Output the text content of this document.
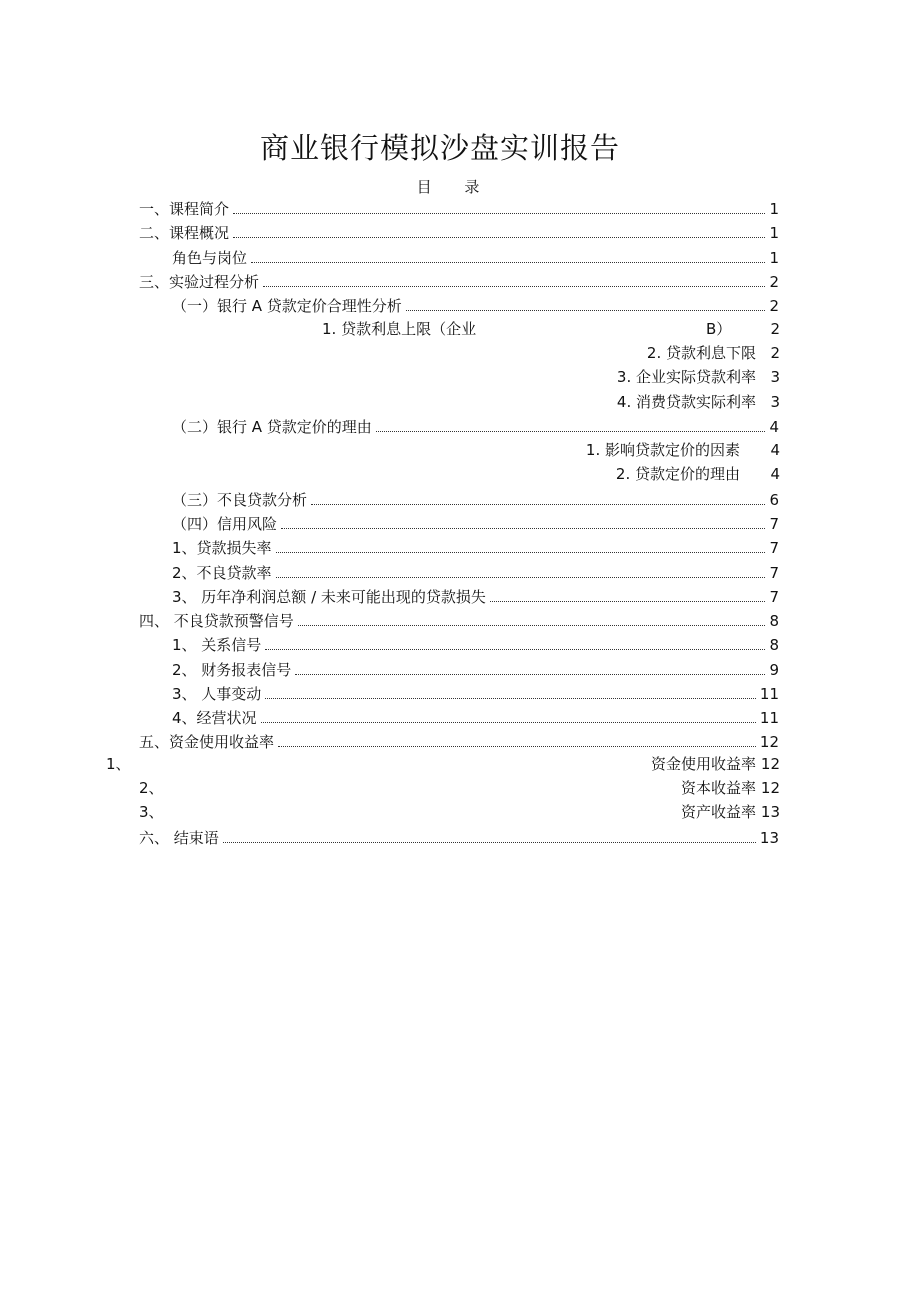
商业银行模拟沙盘实训报告
目 录
一、课程简介	1
二、课程概况	1
角色与岗位	1
三、实验过程分析	2
（一）银行 A 贷款定价合理性分析	2
1. 贷款利息上限（企业	B）	2
2. 贷款利息下限 2
3. 企业实际贷款利率 3
4. 消费贷款实际利率 3
（二）银行 A 贷款定价的理由	4
1. 影响贷款定价的因素	4
2. 贷款定价的理由	4
（三）不良贷款分析	6
（四）信用风险	7
1、贷款损失率	7
2、不良贷款率	7
3、 历年净利润总额 / 未来可能出现的贷款损失	7
四、 不良贷款预警信号	8
1、 关系信号	8
2、 财务报表信号	9
3、 人事变动	11
4、经营状况	11
五、资金使用收益率	12
1、	资金使用收益率 12
2、	资本收益率 12
3、	资产收益率 13
六、 结束语	13
